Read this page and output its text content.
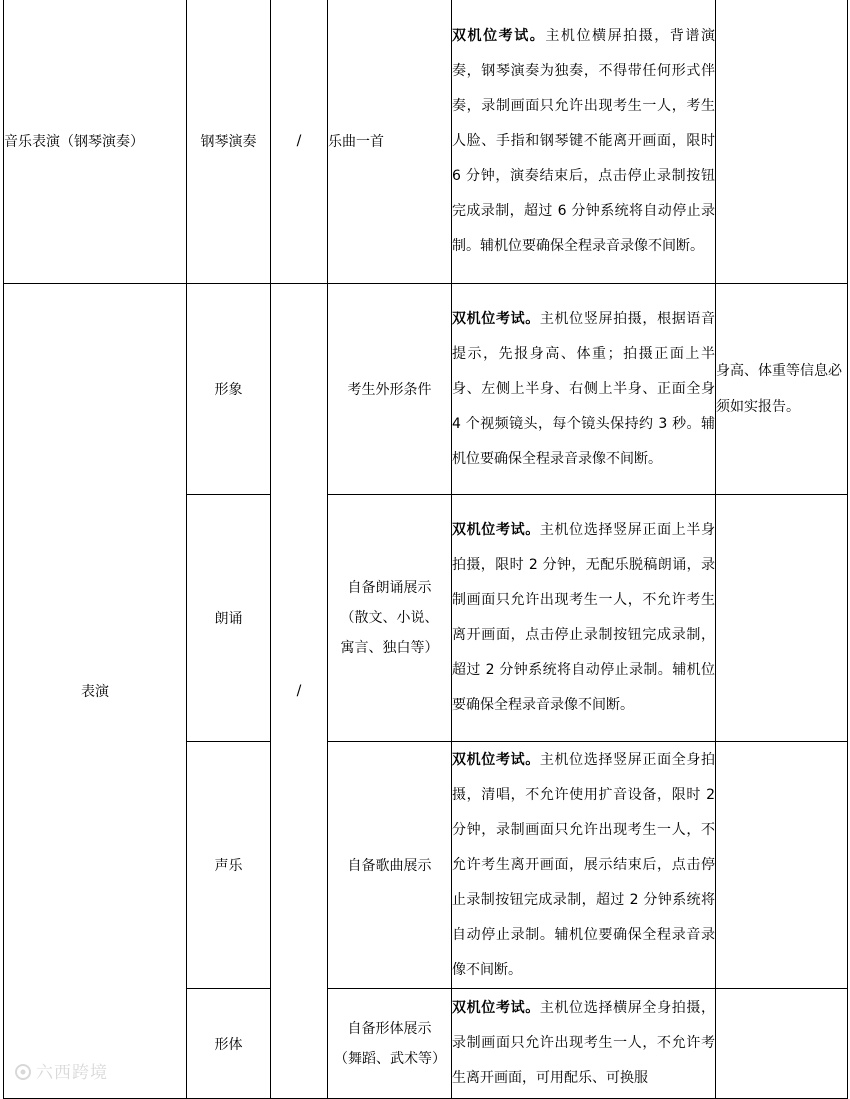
音乐表演（钢琴演奏）	钢琴演奏	/	乐曲一首	双机位考试。主机位横屏拍摄，背谱演奏，钢琴演奏为独奏，不得带任何形式伴奏，录制画面只允许出现考生一人，考生人脸、手指和钢琴键不能离开画面，限时 6 分钟，演奏结束后，点击停止录制按钮完成录制，超过 6 分钟系统将自动停止录制。辅机位要确保全程录音录像不间断。	
表演	形象	/	考生外形条件	双机位考试。主机位竖屏拍摄，根据语音提示，先报身高、体重；拍摄正面上半身、左侧上半身、右侧上半身、正面全身 4 个视频镜头，每个镜头保持约 3 秒。辅机位要确保全程录音录像不间断。	身高、体重等信息必须如实报告。
	朗诵		自备朗诵展示（散文、小说、寓言、独白等）	双机位考试。主机位选择竖屏正面上半身拍摄，限时 2 分钟，无配乐脱稿朗诵，录制画面只允许出现考生一人，不允许考生离开画面，点击停止录制按钮完成录制，超过 2 分钟系统将自动停止录制。辅机位要确保全程录音录像不间断。	
	声乐		自备歌曲展示	双机位考试。主机位选择竖屏正面全身拍摄，清唱，不允许使用扩音设备，限时 2 分钟，录制画面只允许出现考生一人，不允许考生离开画面，展示结束后，点击停止录制按钮完成录制，超过 2 分钟系统将自动停止录制。辅机位要确保全程录音录像不间断。	
	形体		自备形体展示（舞蹈、武术等）	双机位考试。主机位选择横屏全身拍摄，录制画面只允许出现考生一人，不允许考生离开画面，可用配乐、可换服	
六西跨境
